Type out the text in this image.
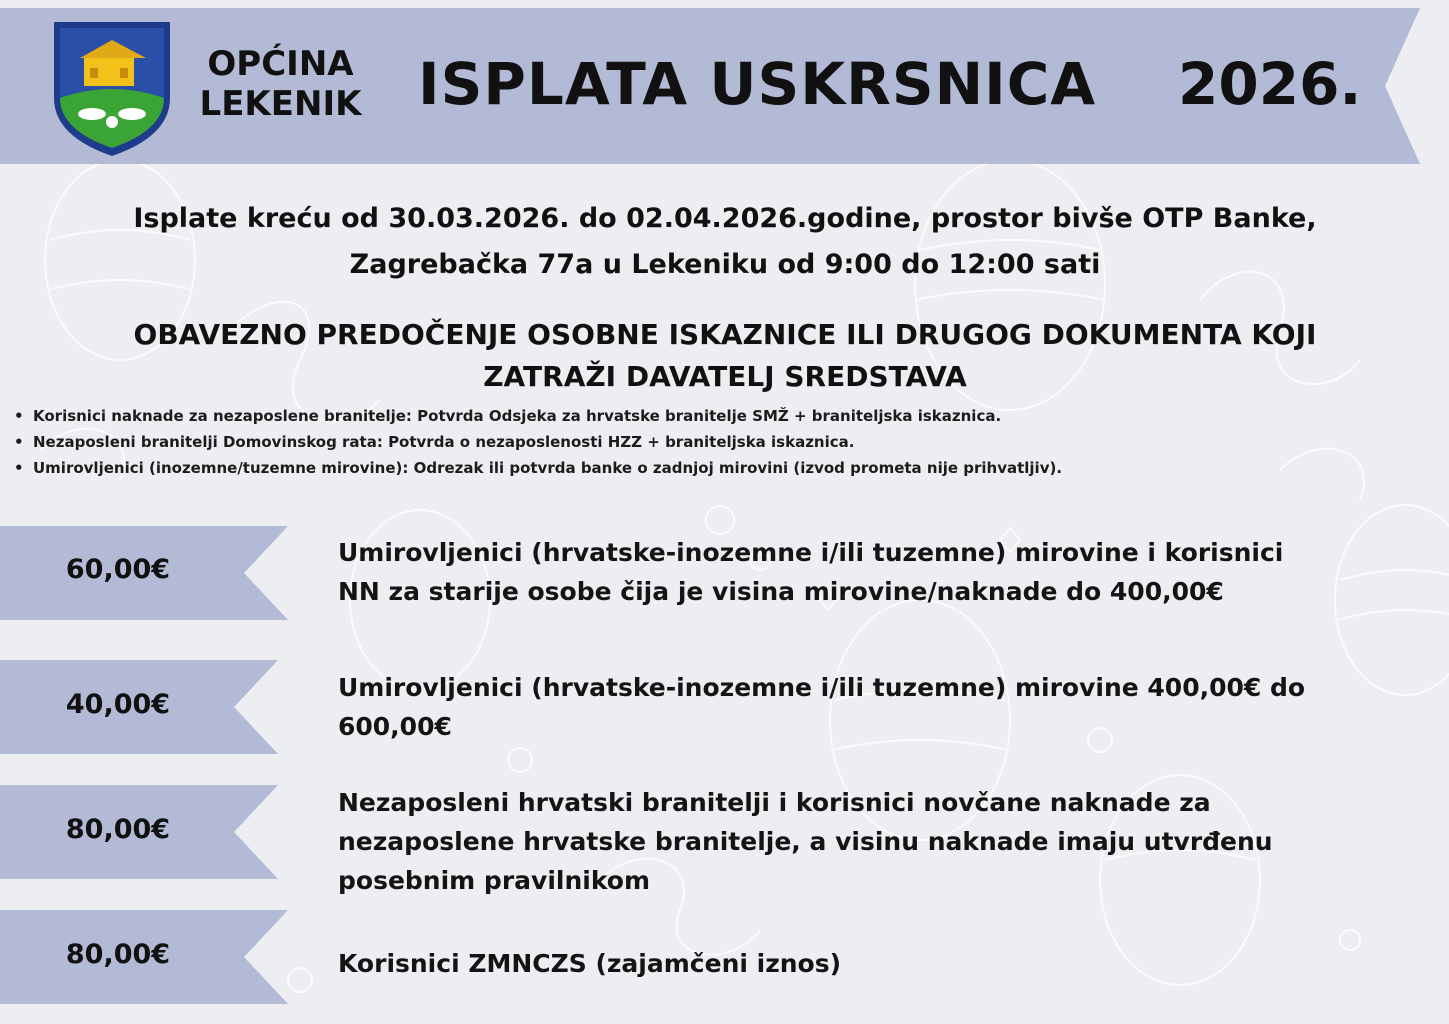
OPĆINA
LEKENIK ISPLATA USKRSNICA 2026.
Isplate kreću od 30.03.2026. do 02.04.2026.godine, prostor bivše OTP Banke,
Zagrebačka 77a u Lekeniku od 9:00 do 12:00 sati
OBAVEZNO PREDOČENJE OSOBNE ISKAZNICE ILI DRUGOG DOKUMENTA KOJI
ZATRAŽI DAVATELJ SREDSTAVA
• Korisnici naknade za nezaposlene branitelje: Potvrda Odsjeka za hrvatske branitelje SMŽ + braniteljska iskaznica.
• Nezaposleni branitelji Domovinskog rata: Potvrda o nezaposlenosti HZZ + braniteljska iskaznica.
• Umirovljenici (inozemne/tuzemne mirovine): Odrezak ili potvrda banke o zadnjoj mirovini (izvod prometa nije prihvatljiv).
60,00€
Umirovljenici (hrvatske-inozemne i/ili tuzemne) mirovine i korisnici
NN za starije osobe čija je visina mirovine/naknade do 400,00€
40,00€
Umirovljenici (hrvatske-inozemne i/ili tuzemne) mirovine 400,00€ do
600,00€
80,00€
Nezaposleni hrvatski branitelji i korisnici novčane naknade za
nezaposlene hrvatske branitelje, a visinu naknade imaju utvrđenu
posebnim pravilnikom
80,00€	Korisnici ZMNCZS (zajamčeni iznos)
